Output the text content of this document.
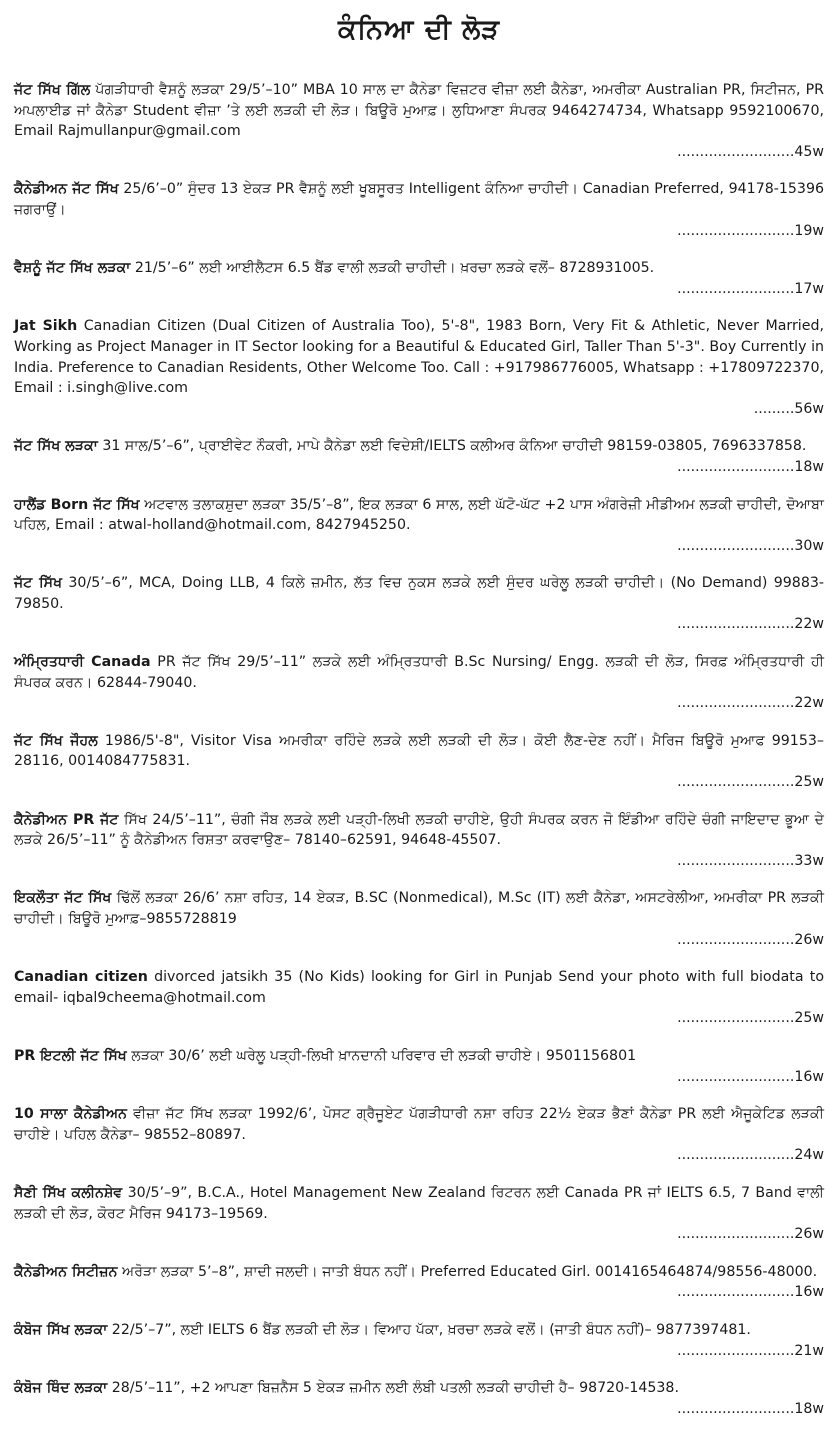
ਕੰਨਿਆ ਦੀ ਲੋੜ
ਜੱਟ ਸਿੱਖ ਗਿੱਲ ਪੱਗੜੀਧਾਰੀ ਵੈਸ਼ਨੂੰ ਲੜਕਾ 29/5’–10” MBA 10 ਸਾਲ ਦਾ ਕੈਨੇਡਾ ਵਿਜ਼ਟਰ ਵੀਜ਼ਾ ਲਈ ਕੈਨੇਡਾ, ਅਮਰੀਕਾ Australian PR, ਸਿਟੀਜਨ, PR ਅਪਲਾਈਡ ਜਾਂ ਕੈਨੇਡਾ Student ਵੀਜ਼ਾ ’ਤੇ ਲਈ ਲੜਕੀ ਦੀ ਲੋੜ। ਬਿਊਰੋ ਮੁਆਫ਼। ਲੁਧਿਆਣਾ ਸੰਪਰਕ 9464274734, Whatsapp 9592100670, Email Rajmullanpur@gmail.com
..........................45w
ਕੈਨੇਡੀਅਨ ਜੱਟ ਸਿੱਖ 25/6’–0” ਸੁੰਦਰ 13 ਏਕੜ PR ਵੈਸ਼ਨੂੰ ਲਈ ਖੂਬਸੂਰਤ Intelligent ਕੰਨਿਆ ਚਾਹੀਦੀ। Canadian Preferred, 94178-15396 ਜਗਰਾਉਂ।
..........................19w
ਵੈਸ਼ਨੂੰ ਜੱਟ ਸਿੱਖ ਲੜਕਾ 21/5’–6” ਲਈ ਆਈਲੈਟਸ 6.5 ਬੈਂਡ ਵਾਲੀ ਲੜਕੀ ਚਾਹੀਦੀ। ਖ਼ਰਚਾ ਲੜਕੇ ਵਲੋਂ– 8728931005.
..........................17w
Jat Sikh Canadian Citizen (Dual Citizen of Australia Too), 5'-8", 1983 Born, Very Fit & Athletic, Never Married, Working as Project Manager in IT Sector looking for a Beautiful & Educated Girl, Taller Than 5'-3". Boy Currently in India. Preference to Canadian Residents, Other Welcome Too. Call : +917986776005, Whatsapp : +17809722370, Email : i.singh@live.com
.........56w
ਜੱਟ ਸਿੱਖ ਲੜਕਾ 31 ਸਾਲ/5’–6”, ਪ੍ਰਾਈਵੇਟ ਨੌਕਰੀ, ਮਾਪੇ ਕੈਨੇਡਾ ਲਈ ਵਿਦੇਸ਼ੀ/IELTS ਕਲੀਅਰ ਕੰਨਿਆ ਚਾਹੀਦੀ 98159-03805, 7696337858.
..........................18w
ਹਾਲੈਂਡ Born ਜੱਟ ਸਿੱਖ ਅਟਵਾਲ ਤਲਾਕਸ਼ੁਦਾ ਲੜਕਾ 35/5’–8”, ਇਕ ਲੜਕਾ 6 ਸਾਲ, ਲਈ ਘੱਟੋ-ਘੱਟ +2 ਪਾਸ ਅੰਗਰੇਜ਼ੀ ਮੀਡੀਅਮ ਲੜਕੀ ਚਾਹੀਦੀ, ਦੋਆਬਾ ਪਹਿਲ, Email : atwal-holland@hotmail.com, 8427945250.
..........................30w
ਜੱਟ ਸਿੱਖ 30/5’–6”, MCA, Doing LLB, 4 ਕਿਲੇ ਜ਼ਮੀਨ, ਲੱਤ ਵਿਚ ਨੁਕਸ ਲੜਕੇ ਲਈ ਸੁੰਦਰ ਘਰੇਲੂ ਲੜਕੀ ਚਾਹੀਦੀ। (No Demand) 99883-79850.
..........................22w
ਅੰਮ੍ਰਿਤਧਾਰੀ Canada PR ਜੱਟ ਸਿੱਖ 29/5’–11” ਲੜਕੇ ਲਈ ਅੰਮ੍ਰਿਤਧਾਰੀ B.Sc Nursing/ Engg. ਲੜਕੀ ਦੀ ਲੋੜ, ਸਿਰਫ਼ ਅੰਮ੍ਰਿਤਧਾਰੀ ਹੀ ਸੰਪਰਕ ਕਰਨ। 62844-79040.
..........................22w
ਜੱਟ ਸਿੱਖ ਜੌਹਲ 1986/5'-8", Visitor Visa ਅਮਰੀਕਾ ਰਹਿੰਦੇ ਲੜਕੇ ਲਈ ਲੜਕੀ ਦੀ ਲੋੜ। ਕੋਈ ਲੈਣ-ਦੇਣ ਨਹੀਂ। ਮੈਰਿਜ ਬਿਊਰੋ ਮੁਆਫ 99153–28116, 0014084775831.
..........................25w
ਕੈਨੇਡੀਅਨ PR ਜੱਟ ਸਿੱਖ 24/5’–11”, ਚੰਗੀ ਜੌਬ ਲੜਕੇ ਲਈ ਪੜ੍ਹੀ-ਲਿਖੀ ਲੜਕੀ ਚਾਹੀਏ, ਉਹੀ ਸੰਪਰਕ ਕਰਨ ਜੋ ਇੰਡੀਆ ਰਹਿੰਦੇ ਚੰਗੀ ਜਾਇਦਾਦ ਭੂਆ ਦੇ ਲੜਕੇ 26/5’–11” ਨੂੰ ਕੈਨੇਡੀਅਨ ਰਿਸ਼ਤਾ ਕਰਵਾਉਣ– 78140–62591, 94648-45507.
..........................33w
ਇਕਲੌਤਾ ਜੱਟ ਸਿੱਖ ਢਿੱਲੋਂ ਲੜਕਾ 26/6’ ਨਸ਼ਾ ਰਹਿਤ, 14 ਏਕੜ, B.SC (Nonmedical), M.Sc (IT) ਲਈ ਕੈਨੇਡਾ, ਅਸਟਰੇਲੀਆ, ਅਮਰੀਕਾ PR ਲੜਕੀ ਚਾਹੀਦੀ। ਬਿਊਰੋ ਮੁਆਫ਼–9855728819
..........................26w
Canadian citizen divorced jatsikh 35 (No Kids) looking for Girl in Punjab Send your photo with full biodata to email- iqbal9cheema@hotmail.com
..........................25w
PR ਇਟਲੀ ਜੱਟ ਸਿੱਖ ਲੜਕਾ 30/6’ ਲਈ ਘਰੇਲੂ ਪੜ੍ਹੀ-ਲਿਖੀ ਖ਼ਾਨਦਾਨੀ ਪਰਿਵਾਰ ਦੀ ਲੜਕੀ ਚਾਹੀਏ। 9501156801
..........................16w
10 ਸਾਲਾ ਕੈਨੇਡੀਅਨ ਵੀਜ਼ਾ ਜੱਟ ਸਿੱਖ ਲੜਕਾ 1992/6’, ਪੋਸਟ ਗ੍ਰੈਜੂਏਟ ਪੱਗੜੀਧਾਰੀ ਨਸ਼ਾ ਰਹਿਤ 22½ ਏਕੜ ਭੈਣਾਂ ਕੈਨੇਡਾ PR ਲਈ ਐਜੂਕੇਟਿਡ ਲੜਕੀ ਚਾਹੀਏ। ਪਹਿਲ ਕੈਨੇਡਾ– 98552–80897.
..........................24w
ਸੈਣੀ ਸਿੱਖ ਕਲੀਨਸ਼ੇਵ 30/5’–9”, B.C.A., Hotel Management New Zealand ਰਿਟਰਨ ਲਈ Canada PR ਜਾਂ IELTS 6.5, 7 Band ਵਾਲੀ ਲੜਕੀ ਦੀ ਲੋੜ, ਕੋਰਟ ਮੈਰਿਜ 94173–19569.
..........................26w
ਕੈਨੇਡੀਅਨ ਸਿਟੀਜ਼ਨ ਅਰੋੜਾ ਲੜਕਾ 5’–8”, ਸ਼ਾਦੀ ਜਲਦੀ। ਜਾਤੀ ਬੰਧਨ ਨਹੀਂ। Preferred Educated Girl. 0014165464874/98556-48000.
..........................16w
ਕੰਬੋਜ ਸਿੱਖ ਲੜਕਾ 22/5’–7”, ਲਈ IELTS 6 ਬੈਂਡ ਲੜਕੀ ਦੀ ਲੋੜ। ਵਿਆਹ ਪੱਕਾ, ਖ਼ਰਚਾ ਲੜਕੇ ਵਲੋਂ। (ਜਾਤੀ ਬੰਧਨ ਨਹੀਂ)– 9877397481.
..........................21w
ਕੰਬੋਜ ਥਿੰਦ ਲੜਕਾ 28/5’–11”, +2 ਆਪਣਾ ਬਿਜ਼ਨੈਸ 5 ਏਕੜ ਜ਼ਮੀਨ ਲਈ ਲੰਬੀ ਪਤਲੀ ਲੜਕੀ ਚਾਹੀਦੀ ਹੈ– 98720-14538.
..........................18w
